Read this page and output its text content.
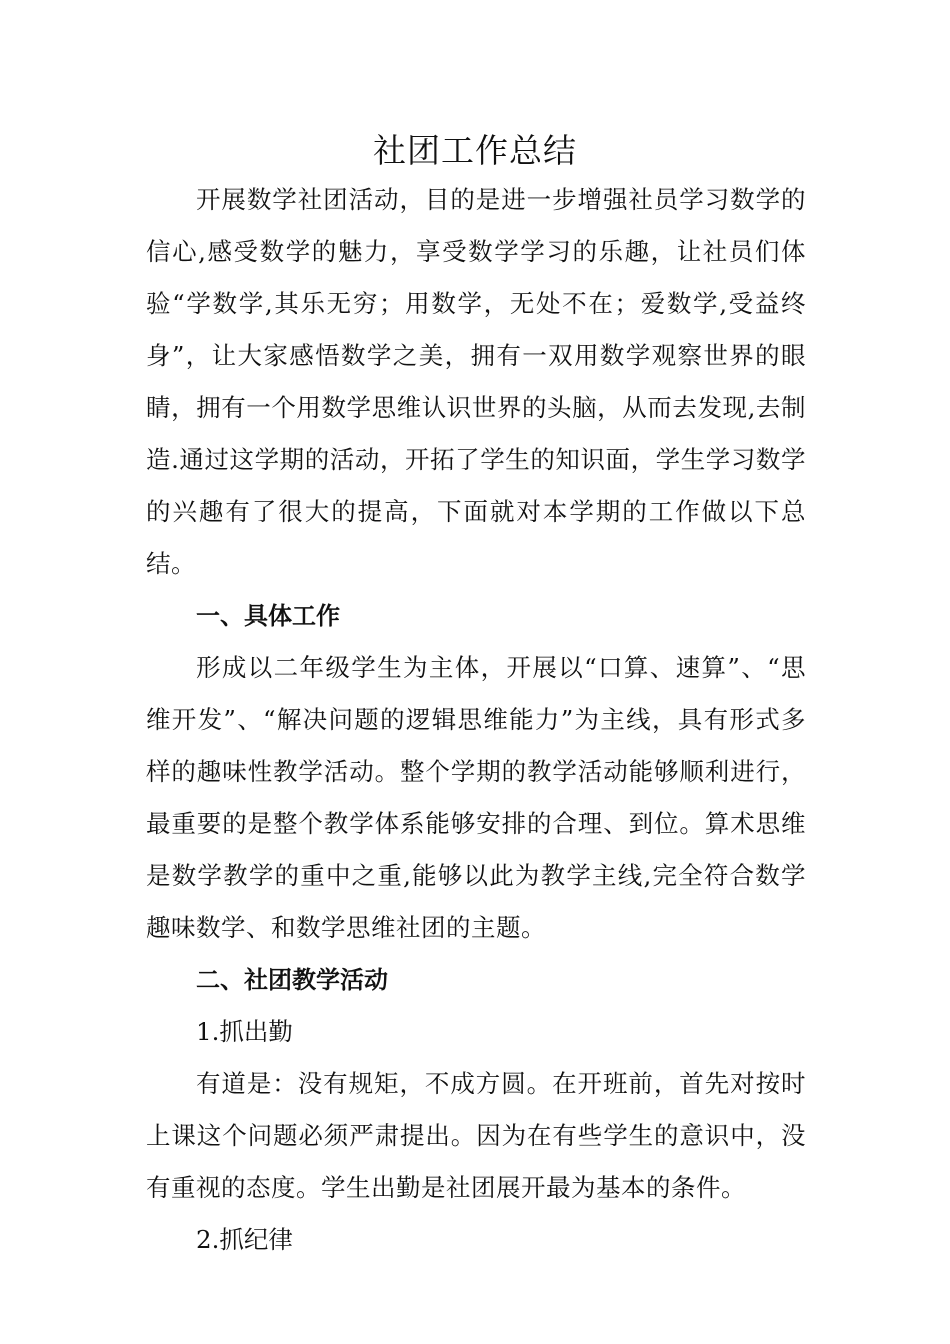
社团工作总结

开展数学社团活动，目的是进一步增强社员学习数学的信心,感受数学的魅力，享受数学学习的乐趣，让社员们体验“学数学,其乐无穷；用数学，无处不在；爱数学,受益终身”，让大家感悟数学之美，拥有一双用数学观察世界的眼睛，拥有一个用数学思维认识世界的头脑，从而去发现,去制造.通过这学期的活动，开拓了学生的知识面，学生学习数学的兴趣有了很大的提高，下面就对本学期的工作做以下总结。

一、具体工作

形成以二年级学生为主体，开展以“口算、速算”、“思维开发”、“解决问题的逻辑思维能力”为主线，具有形式多样的趣味性教学活动。整个学期的教学活动能够顺利进行，最重要的是整个教学体系能够安排的合理、到位。算术思维是数学教学的重中之重,能够以此为教学主线,完全符合数学趣味数学、和数学思维社团的主题。

二、社团教学活动

1.抓出勤

有道是：没有规矩，不成方圆。在开班前，首先对按时上课这个问题必须严肃提出。因为在有些学生的意识中，没有重视的态度。学生出勤是社团展开最为基本的条件。

2.抓纪律
